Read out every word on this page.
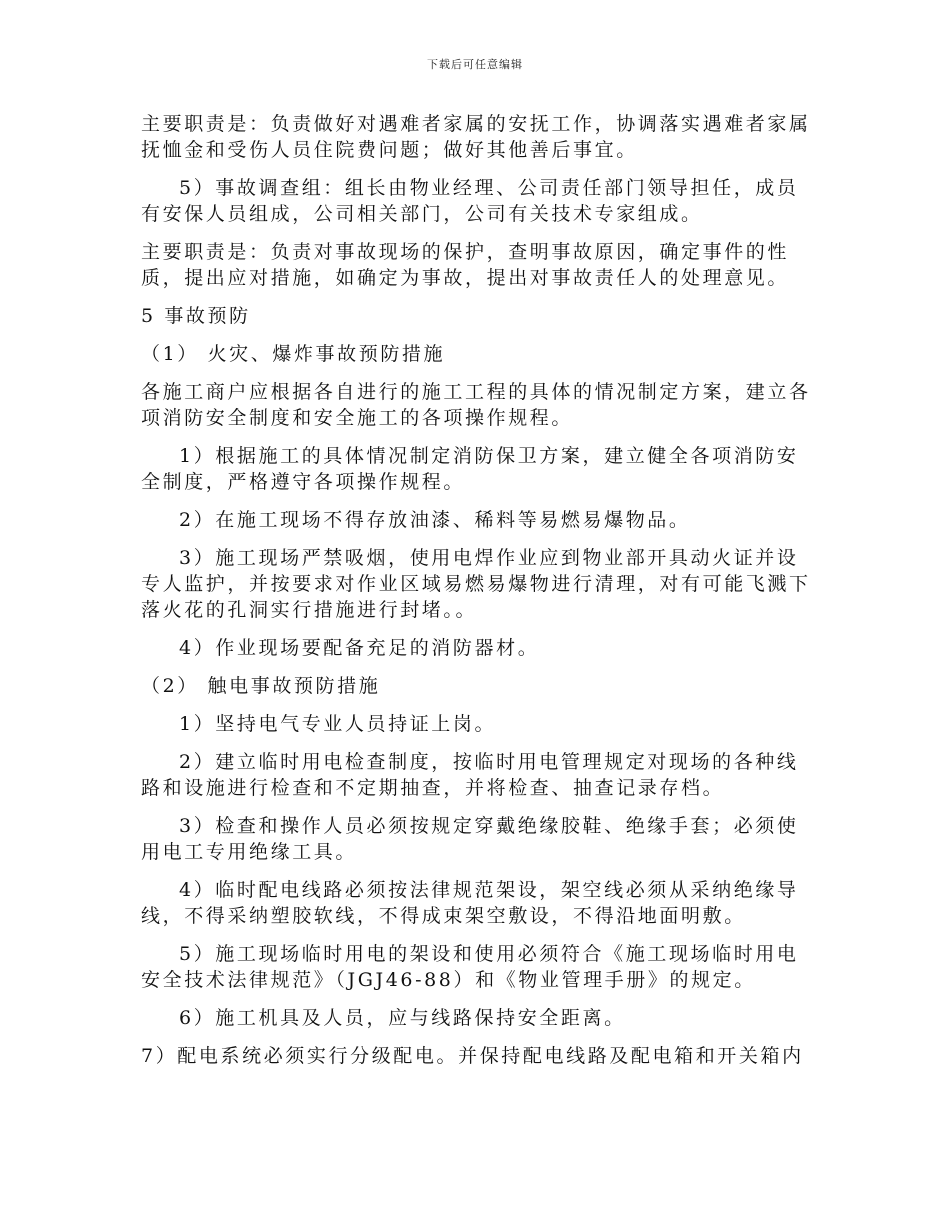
下载后可任意编辑

主要职责是：负责做好对遇难者家属的安抚工作，协调落实遇难者家属抚恤金和受伤人员住院费问题；做好其他善后事宜。

5）事故调查组：组长由物业经理、公司责任部门领导担任，成员有安保人员组成，公司相关部门，公司有关技术专家组成。

主要职责是：负责对事故现场的保护，查明事故原因，确定事件的性质，提出应对措施，如确定为事故，提出对事故责任人的处理意见。

5 事故预防

（1） 火灾、爆炸事故预防措施

各施工商户应根据各自进行的施工工程的具体的情况制定方案，建立各项消防安全制度和安全施工的各项操作规程。

1）根据施工的具体情况制定消防保卫方案，建立健全各项消防安全制度，严格遵守各项操作规程。

2）在施工现场不得存放油漆、稀料等易燃易爆物品。

3）施工现场严禁吸烟，使用电焊作业应到物业部开具动火证并设专人监护，并按要求对作业区域易燃易爆物进行清理，对有可能飞溅下落火花的孔洞实行措施进行封堵。。

4）作业现场要配备充足的消防器材。

（2） 触电事故预防措施

1）坚持电气专业人员持证上岗。

2）建立临时用电检查制度，按临时用电管理规定对现场的各种线路和设施进行检查和不定期抽查，并将检查、抽查记录存档。

3）检查和操作人员必须按规定穿戴绝缘胶鞋、绝缘手套；必须使用电工专用绝缘工具。

4）临时配电线路必须按法律规范架设，架空线必须从采纳绝缘导线，不得采纳塑胶软线，不得成束架空敷设，不得沿地面明敷。

5）施工现场临时用电的架设和使用必须符合《施工现场临时用电安全技术法律规范》（JGJ46-88）和《物业管理手册》的规定。

6）施工机具及人员，应与线路保持安全距离。

7）配电系统必须实行分级配电。并保持配电线路及配电箱和开关箱内
